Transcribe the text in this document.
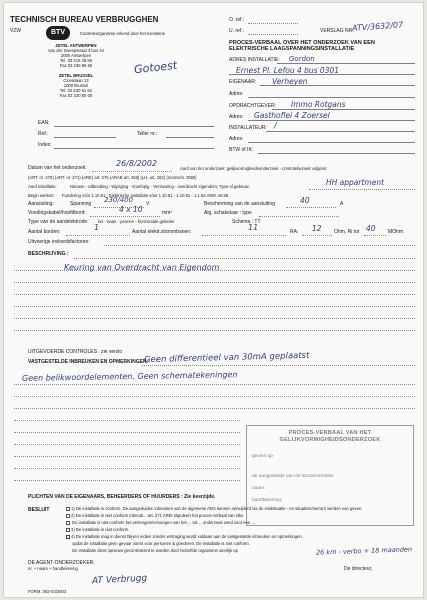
TECHNISCH BUREAU VERBRUGGHEN
VZW	BTV	Controleorganisme erkend door het ministerie
ZETEL ANTWERPEN
Van der Sweepstraat 3 bus 44
2000 Antwerpen
Tel. 03 216 28 80
Fax 03 238 88 65
ZETEL BRUSSEL
Clovislaan 13
1000 Brussel
Tel. 02 230 61 82
Fax 02 230 80 08
Gotoest
O. ref.:
U. ref.:	VERSLAG NR.
ATV/3632/07
PROCES-VERBAAL OVER HET ONDERZOEK VAN EEN
ELEKTRISCHE LAAGSPANNINGSINSTALLATIE
ADRES INSTALLATIE: Gordon
Ernest Pl. Lefou 4 bus 0301
EIGENAAR: Verheyen
Adres:
OPDRACHTGEVER: Immo Rotgans
Adres: Gasthoflei 4 Zoersel
INSTALLATEUR: /
Adres:
BTW of IK:
EAN:
Ref.:	Teller nr.:
Index:
Datum van het onderzoek:	26/8/2002
Aard van het onderzoek: gelijkvormigheidsonderzoek - controlebezoek volgens:
(ART. nr. 270) (ART. nr. 271) (ARE) art. 276 (ARAB art. 269) (LH. art. 263) (Voorschr. DNB)
Aard installatie:	Nieuwe - Uitbreiding - Wijziging - Voorlopig - Verzwaring - overdracht eigendom; Type of gebouw:	HH appartment
Begin werken: Fundering vóór 1.10.81 - Elektrische installatie vóór 1.10.81 - 1.10.81 - 1.1.83 ARE! art.86
Aansluiting:	Spanning 230/400	V	Bescherming van de aansluiting	40	A
Voedingskabel/hoofdbord:	4 x 10	mm²	Alg. schakelaar : type
Type van de aardelektrode: lus - baan - pennen - horizontale geleider	Schema : TT
Aantal borden:	1	Aantal elektr.stroombanen:	11	RA: 12 Ohm, Ri tot 40 MOhm
Uitvoerige invloedsfactoren:
BESCHRIJVING :
Keuring van Overdracht van Eigendom
UITGEVOERDE CONTROLES : zie verslo
VASTGESTELDE INBREUKEN EN OPMERKINGEN:
Geen differentieel van 30mA geplaatst
Geen belikwoordelementen, Geen schematekeningen
PROCES-VERBAAL VAN HET
GELIJKVORMIGHEIDSONDERZOEK
gezien op
de aangestelde van de stroomverdeler
naam:
handtekening:
PLICHTEN VAN DE EIGENAARS, BEHEERDERS OF HUURDERS : Zie keerzijde.
BESLUIT	1) De installatie is conform. De aangeduiden inbreuken van de algemene ADS kunnen verwijderd via de eindsituatie - en situatieschema's werden van geven.
2) De installatie is niet conform inbreuk... art. 271 AREI stipuleert het proces-verbaal van elke
De installatie is niet conform het verlengen/vervangen van het ... tot ... onderzoek werd voor een ...
3) De installatie is niet conform.
4) De installatie mag in dienst blijven indien zonder vertraging wordt voldaan aan de vastgestelde inbreuken en opmerkingen.
opdat de installatie geen gevaar vormt voor personen & goederen. De installatie is niet conform.
De installatie dient opnieuw gecontroleerd te worden door hetzelfde organisme uiterlijk op	26 km - verbo + 18 maanden
DE AGENT-ONDERZOEKER:
nr. + naam + handtekening
AT Verbrugg
FORM. 092-03/2003
De directeur,
